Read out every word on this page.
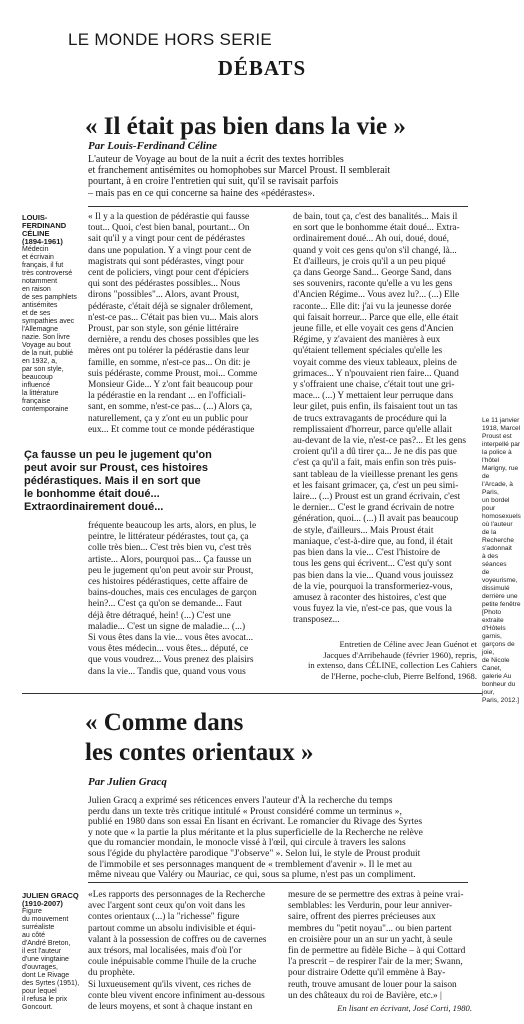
LE MONDE HORS SERIE
DÉBATS
« Il était pas bien dans la vie »
Par Louis-Ferdinand Céline
L'auteur de Voyage au bout de la nuit a écrit des textes horribles
et franchement antisémites ou homophobes sur Marcel Proust. Il semblerait
pourtant, à en croire l'entretien qui suit, qu'il se ravisait parfois
– mais pas en ce qui concerne sa haine des «pédérastes».
LOUIS-FERDINAND CÉLINE
(1894-1961)
Médecin
et écrivain
français, il fut
très controversé
notamment
en raison
de ses pamphlets
antisémites
et de ses
sympathies avec
l'Allemagne
nazie. Son livre
Voyage au bout
de la nuit, publié
en 1932, a,
par son style,
beaucoup
influencé
la littérature
française
contemporaine
« Il y a la question de pédérastie qui fausse
tout... Quoi, c'est bien banal, pourtant... On
sait qu'il y a vingt pour cent de pédérastes
dans une population. Y a vingt pour cent de
magistrats qui sont pédérastes, vingt pour
cent de policiers, vingt pour cent d'épiciers
qui sont des pédérastes possibles... Nous
dirons "possibles"... Alors, avant Proust,
pédéraste, c'était déjà se signaler drôlement,
n'est-ce pas... C'était pas bien vu... Mais alors
Proust, par son style, son génie littéraire
dernière, a rendu des choses possibles que les
mères ont pu tolérer la pédérastie dans leur
famille, en somme, n'est-ce pas... On dit: je
suis pédéraste, comme Proust, moi... Comme
Monsieur Gide... Y z'ont fait beaucoup pour
la pédérastie en la rendant ... en l'officiali-
sant, en somme, n'est-ce pas... (...) Alors ça,
naturellement, ça y z'ont eu un public pour
eux... Et comme tout ce monde pédérastique
Ça fausse un peu le jugement qu'on
peut avoir sur Proust, ces histoires
pédérastiques. Mais il en sort que
le bonhomme était doué...
Extraordinairement doué...
fréquente beaucoup les arts, alors, en plus, le
peintre, le littérateur pédérastes, tout ça, ça
colle très bien... C'est très bien vu, c'est très
artiste... Alors, pourquoi pas... Ça fausse un
peu le jugement qu'on peut avoir sur Proust,
ces histoires pédérastiques, cette affaire de
bains-douches, mais ces enculages de garçon
hein?... C'est ça qu'on se demande... Faut
déjà être détraqué, hein! (...) C'est une
maladie... C'est un signe de maladie... (...)
Si vous êtes dans la vie... vous êtes avocat...
vous êtes médecin... vous êtes... député, ce
que vous voudrez... Vous prenez des plaisirs
dans la vie... Tandis que, quand vous vous
de bain, tout ça, c'est des banalités... Mais il
en sort que le bonhomme était doué... Extra-
ordinairement doué... Ah oui, doué, doué,
quand y voit ces gens qu'on s'il changé, là...
Et d'ailleurs, je crois qu'il a un peu piqué
ça dans George Sand... George Sand, dans
ses souvenirs, raconte qu'elle a vu les gens
d'Ancien Régime... Vous avez lu?... (...) Elle
raconte... Elle dit: j'ai vu la jeunesse dorée
qui faisait horreur... Parce que elle, elle était
jeune fille, et elle voyait ces gens d'Ancien
Régime, y z'avaient des manières à eux
qu'étaient tellement spéciales qu'elle les
voyait comme des vieux tableaux, pleins de
grimaces... Y n'pouvaient rien faire... Quand
y s'offraient une chaise, c'était tout une gri-
mace... (...) Y mettaient leur perruque dans
leur gilet, puis enfin, ils faisaient tout un tas
de trucs extravagants de procédure qui la
remplissaient d'horreur, parce qu'elle allait
au-devant de la vie, n'est-ce pas?... Et les gens
croient qu'il a dû tirer ça... Je ne dis pas que
c'est ça qu'il a fait, mais enfin son très puis-
sant tableau de la vieillesse prenant les gens
et les faisant grimacer, ça, c'est un peu simi-
laire... (...) Proust est un grand écrivain, c'est
le dernier... C'est le grand écrivain de notre
génération, quoi... (...) Il avait pas beaucoup
de style, d'ailleurs... Mais Proust était
maniaque, c'est-à-dire que, au fond, il était
pas bien dans la vie... C'est l'histoire de
tous les gens qui écrivent... C'est qu'y sont
pas bien dans la vie... Quand vous jouissez
de la vie, pourquoi la transformeriez-vous,
amusez à raconter des histoires, c'est que
vous fuyez la vie, n'est-ce pas, que vous la
transposez...
Entretien de Céline avec Jean Guénot et
Jacques d'Arribehaude (février 1960), repris,
in extenso, dans CÉLINE, collection Les Cahiers
de l'Herne, poche-club, Pierre Belfond, 1968.
Le 11 janvier
1918, Marcel
Proust est
interpellé par
la police à l'hôtel
Marigny, rue de
l'Arcade, à Paris,
un bordel pour
homosexuels
où l'auteur
de la Recherche
s'adonnait
à des séances
de voyeurisme,
dissimulé
derrière une
petite fenêtre
[Photo extraite
d'Hôtels garnis,
garçons de joie,
de Nicole Canet,
galerie Au
bonheur du jour,
Paris, 2012.]
« Comme dans
les contes orientaux »
Par Julien Gracq
Julien Gracq a exprimé ses réticences envers l'auteur d'À la recherche du temps
perdu dans un texte très critique intitulé « Proust considéré comme un terminus »,
publié en 1980 dans son essai En lisant en écrivant. Le romancier du Rivage des Syrtes
y note que « la partie la plus méritante et la plus superficielle de la Recherche ne relève
que du romancier mondain, le monocle vissé à l'œil, qui circule à travers les salons
sous l'égide du phylactère parodique "J'observe" ». Selon lui, le style de Proust produit
de l'immobile et ses personnages manquent de « tremblement d'avenir ». Il le met au
même niveau que Valéry ou Mauriac, ce qui, sous sa plume, n'est pas un compliment.
JULIEN GRACQ
(1910-2007)
Figure
du mouvement
surréaliste
au côté
d'André Breton,
il est l'auteur
d'une vingtaine
d'ouvrages,
dont Le Rivage
des Syrtes (1951),
pour lequel
il refusa le prix
Goncourt.
«Les rapports des personnages de la Recherche
avec l'argent sont ceux qu'on voit dans les
contes orientaux (...) la "richesse" figure
partout comme un absolu indivisible et équi-
valant à la possession de coffres ou de cavernes
aux trésors, mal localisées, mais d'où l'or
coule inépuisable comme l'huile de la cruche
du prophète.
Si luxueusement qu'ils vivent, ces riches de
conte bleu vivent encore infiniment au-dessous
de leurs moyens, et sont à chaque instant en
mesure de se permettre des extras à peine vrai-
semblables: les Verdurin, pour leur anniver-
saire, offrent des pierres précieuses aux
membres du "petit noyau"... ou bien partent
en croisière pour un an sur un yacht, à seule
fin de permettre au fidèle Biche – à qui Cottard
l'a prescrit – de respirer l'air de la mer; Swann,
pour distraire Odette qu'il emmène à Bay-
reuth, trouve amusant de louer pour la saison
un des châteaux du roi de Bavière, etc.» |
En lisant en écrivant, José Corti, 1980.
